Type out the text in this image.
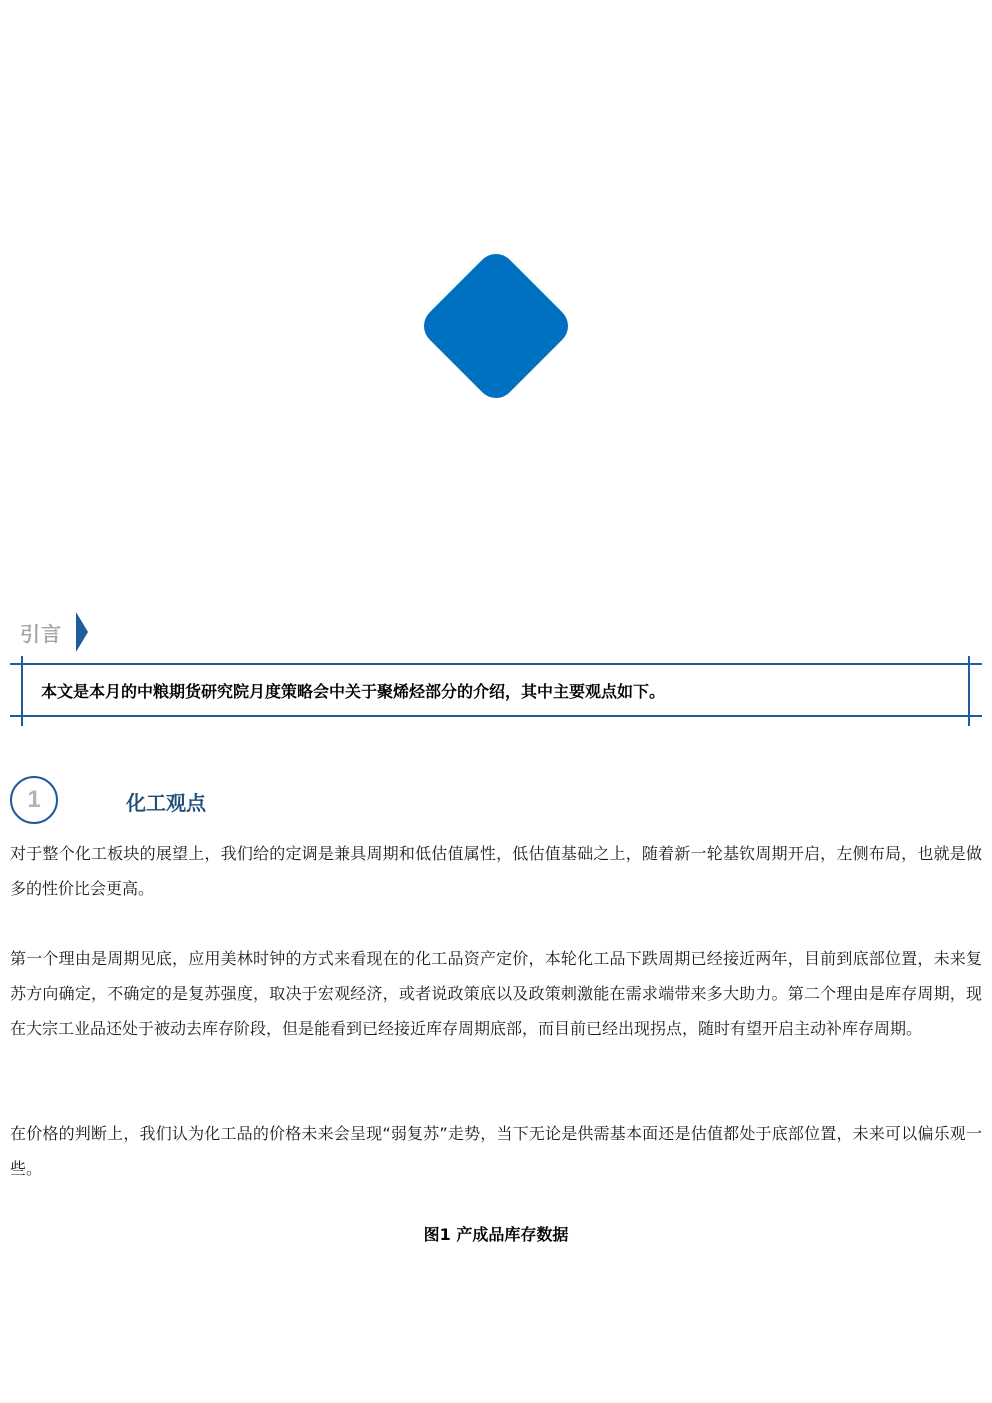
引言
本文是本月的中粮期货研究院月度策略会中关于聚烯烃部分的介绍，其中主要观点如下。
1	化工观点

对于整个化工板块的展望上，我们给的定调是兼具周期和低估值属性，低估值基础之上，随着新一轮基钦周期开启，左侧布局，也就是做多的性价比会更高。

第一个理由是周期见底，应用美林时钟的方式来看现在的化工品资产定价，本轮化工品下跌周期已经接近两年，目前到底部位置，未来复苏方向确定，不确定的是复苏强度，取决于宏观经济，或者说政策底以及政策刺激能在需求端带来多大助力。第二个理由是库存周期，现在大宗工业品还处于被动去库存阶段，但是能看到已经接近库存周期底部，而目前已经出现拐点，随时有望开启主动补库存周期。

在价格的判断上，我们认为化工品的价格未来会呈现“弱复苏”走势，当下无论是供需基本面还是估值都处于底部位置，未来可以偏乐观一些。

图1 产成品库存数据
